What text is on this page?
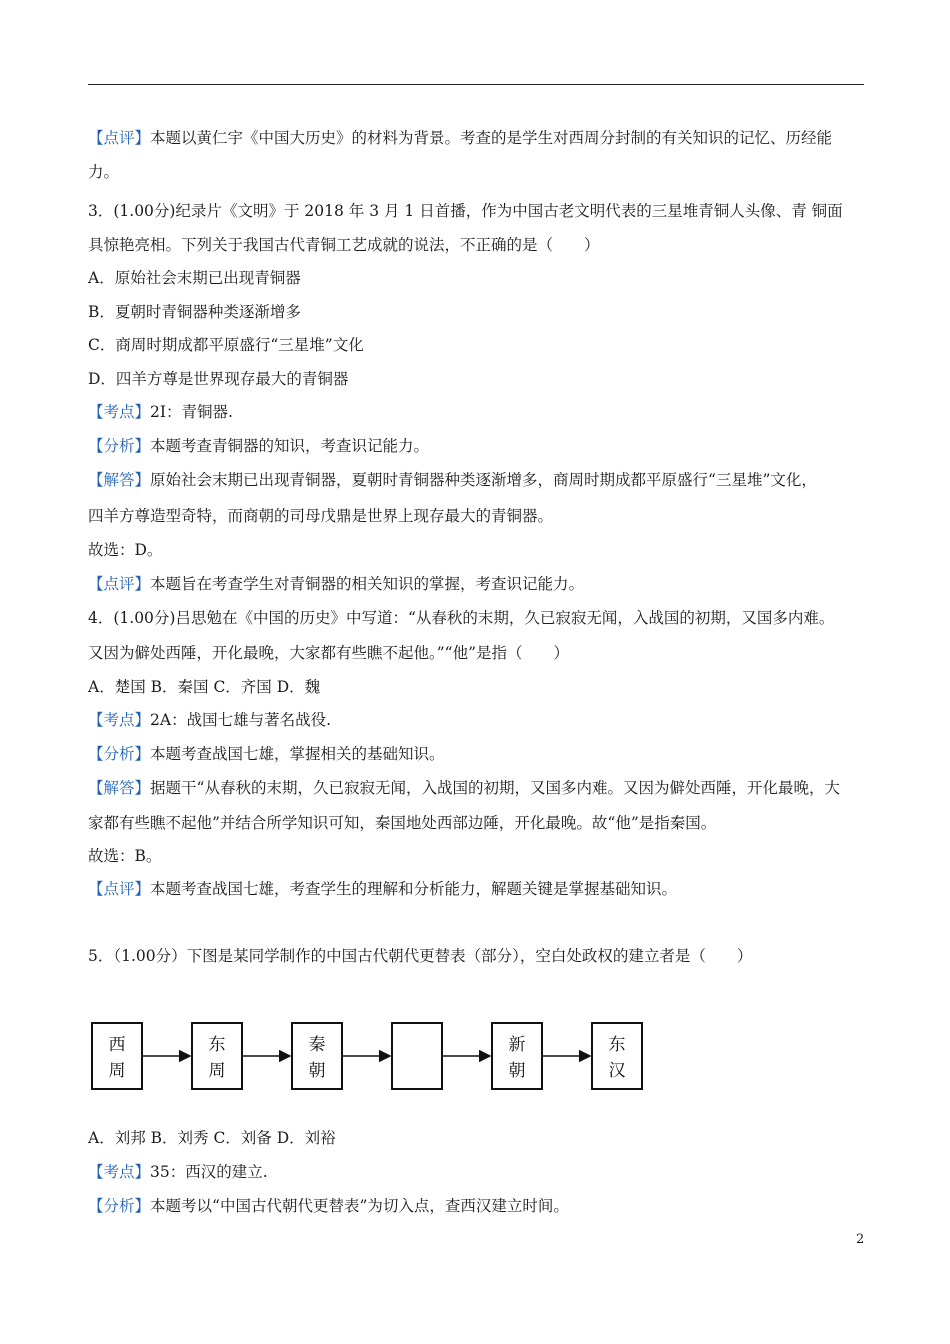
【点评】本题以黄仁宇《中国大历史》的材料为背景。考查的是学生对西周分封制的有关知识的记忆、历经能
力。
3．(1.00分)纪录片《文明》于 2018 年 3 月 1 日首播，作为中国古老文明代表的三星堆青铜人头像、青 铜面
具惊艳亮相。下列关于我国古代青铜工艺成就的说法，不正确的是（　　）
A．原始社会末期已出现青铜器
B．夏朝时青铜器种类逐渐增多
C．商周时期成都平原盛行“三星堆”文化
D．四羊方尊是世界现存最大的青铜器
【考点】2I：青铜器.
【分析】本题考查青铜器的知识，考查识记能力。
【解答】原始社会末期已出现青铜器，夏朝时青铜器种类逐渐增多，商周时期成都平原盛行“三星堆”文化，
四羊方尊造型奇特，而商朝的司母戊鼎是世界上现存最大的青铜器。
故选：D。
【点评】本题旨在考查学生对青铜器的相关知识的掌握，考查识记能力。
4．(1.00分)吕思勉在《中国的历史》中写道：“从春秋的末期，久已寂寂无闻，入战国的初期，又国多内难。
又因为僻处西陲，开化最晚，大家都有些瞧不起他。”“他”是指（　　）
A．楚国 B．秦国 C．齐国 D．魏
【考点】2A：战国七雄与著名战役.
【分析】本题考查战国七雄，掌握相关的基础知识。
【解答】据题干“从春秋的末期，久已寂寂无闻，入战国的初期，又国多内难。又因为僻处西陲，开化最晚，大
家都有些瞧不起他”并结合所学知识可知，秦国地处西部边陲，开化最晚。故“他”是指秦国。
故选：B。
【点评】本题考查战国七雄，考查学生的理解和分析能力，解题关键是掌握基础知识。
5．（1.00分）下图是某同学制作的中国古代朝代更替表（部分），空白处政权的建立者是（　　）
A．刘邦 B．刘秀 C．刘备 D．刘裕
【考点】35：西汉的建立.
【分析】本题考以“中国古代朝代更替表”为切入点，查西汉建立时间。
西
周
东
周
秦
朝
新
朝
东
汉
2
